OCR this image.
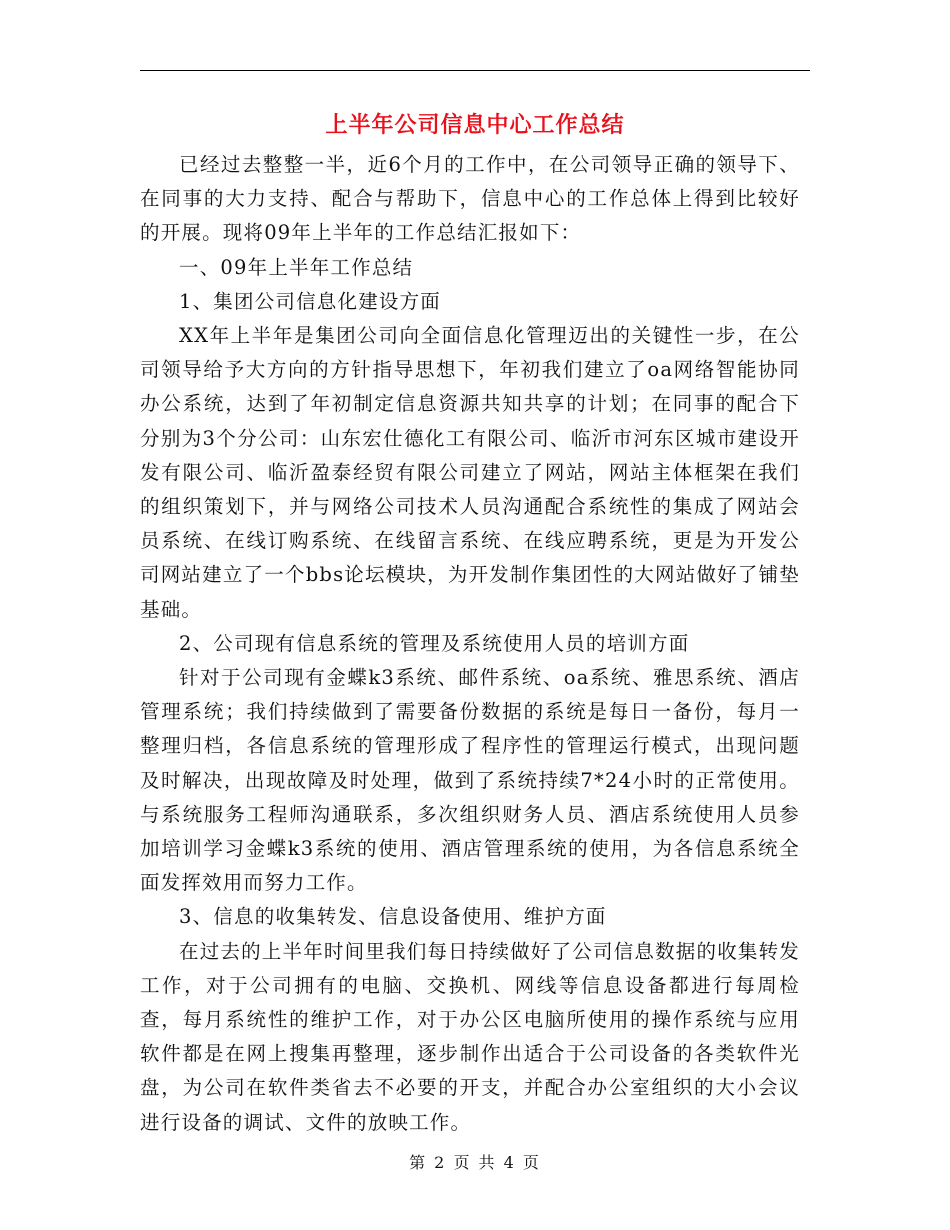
上半年公司信息中心工作总结

已经过去整整一半，近6个月的工作中，在公司领导正确的领导下、在同事的大力支持、配合与帮助下，信息中心的工作总体上得到比较好的开展。现将09年上半年的工作总结汇报如下：

一、09年上半年工作总结

1、集团公司信息化建设方面

XX年上半年是集团公司向全面信息化管理迈出的关键性一步，在公司领导给予大方向的方针指导思想下，年初我们建立了oa网络智能协同办公系统，达到了年初制定信息资源共知共享的计划；在同事的配合下分别为3个分公司：山东宏仕德化工有限公司、临沂市河东区城市建设开发有限公司、临沂盈泰经贸有限公司建立了网站，网站主体框架在我们的组织策划下，并与网络公司技术人员沟通配合系统性的集成了网站会员系统、在线订购系统、在线留言系统、在线应聘系统，更是为开发公司网站建立了一个bbs论坛模块，为开发制作集团性的大网站做好了铺垫基础。

2、公司现有信息系统的管理及系统使用人员的培训方面

针对于公司现有金蝶k3系统、邮件系统、oa系统、雅思系统、酒店管理系统；我们持续做到了需要备份数据的系统是每日一备份，每月一整理归档，各信息系统的管理形成了程序性的管理运行模式，出现问题及时解决，出现故障及时处理，做到了系统持续7*24小时的正常使用。与系统服务工程师沟通联系，多次组织财务人员、酒店系统使用人员参加培训学习金蝶k3系统的使用、酒店管理系统的使用，为各信息系统全面发挥效用而努力工作。

3、信息的收集转发、信息设备使用、维护方面

在过去的上半年时间里我们每日持续做好了公司信息数据的收集转发工作，对于公司拥有的电脑、交换机、网线等信息设备都进行每周检查，每月系统性的维护工作，对于办公区电脑所使用的操作系统与应用软件都是在网上搜集再整理，逐步制作出适合于公司设备的各类软件光盘，为公司在软件类省去不必要的开支，并配合办公室组织的大小会议进行设备的调试、文件的放映工作。

第 2 页 共 4 页
